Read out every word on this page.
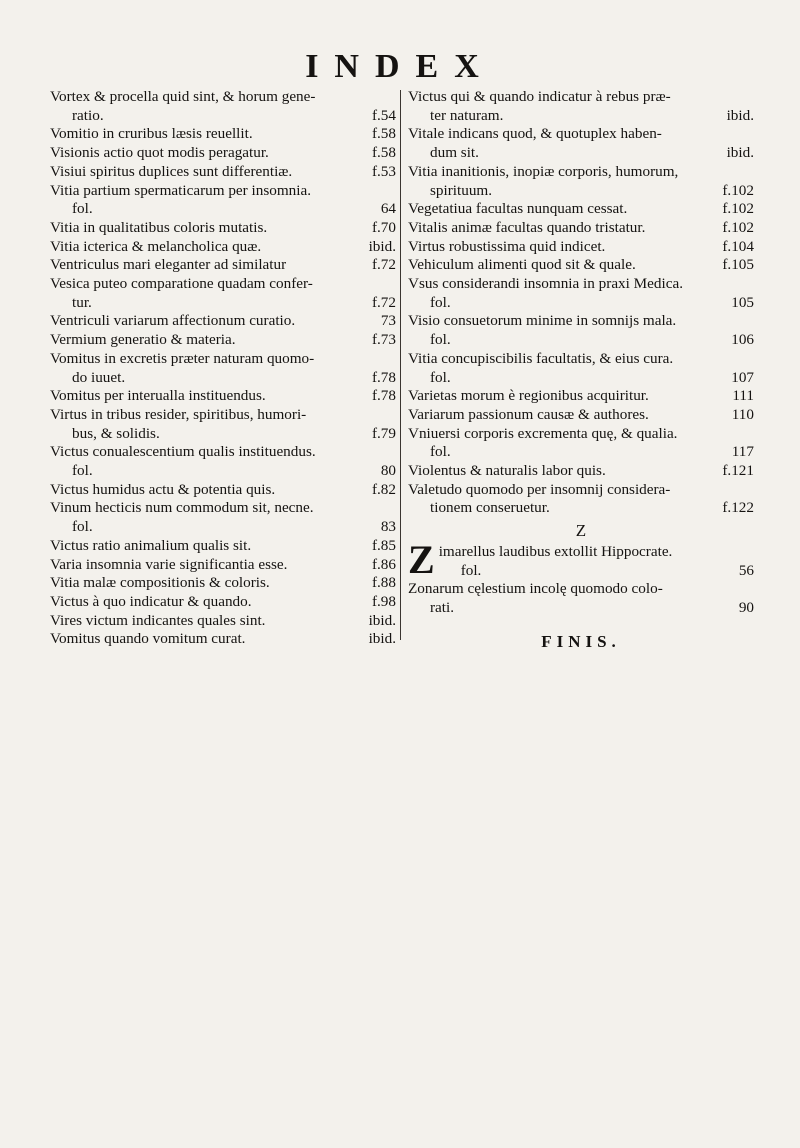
INDEX
Vortex & procella quid sint, & horum gene-
ratio.	f.54
Vomitio in cruribus læsis reuellit.	f.58
Visionis actio quot modis peragatur.	f.58
Visiui spiritus duplices sunt differentiæ.	f.53
Vitia partium spermaticarum per insomnia.
fol.	64
Vitia in qualitatibus coloris mutatis.	f.70
Vitia icterica & melancholica quæ.	ibid.
Ventriculus mari eleganter ad similatur	f.72
Vesica puteo comparatione quadam confer-
tur.	f.72
Ventriculi variarum affectionum curatio.	73
Vermium generatio & materia.	f.73
Vomitus in excretis præter naturam quomo-
do iuuet.	f.78
Vomitus per interualla instituendus.	f.78
Virtus in tribus resider, spiritibus, humori-
bus, & solidis.	f.79
Victus conualescentium qualis instituendus.
fol.	80
Victus humidus actu & potentia quis.	f.82
Vinum hecticis num commodum sit, necne.
fol.	83
Victus ratio animalium qualis sit.	f.85
Varia insomnia varie significantia esse.	f.86
Vitia malæ compositionis & coloris.	f.88
Victus à quo indicatur & quando.	f.98
Vires victum indicantes quales sint.	ibid.
Vomitus quando vomitum curat.	ibid.
Victus qui & quando indicatur à rebus præ-
ter naturam.	ibid.
Vitale indicans quod, & quotuplex haben-
dum sit.	ibid.
Vitia inanitionis, inopiæ corporis, humorum,
spirituum.	f.102
Vegetatiua facultas nunquam cessat.	f.102
Vitalis animæ facultas quando tristatur.	f.102
Virtus robustissima quid indicet.	f.104
Vehiculum alimenti quod sit & quale.	f.105
Vsus considerandi insomnia in praxi Medica.
fol.	105
Visio consuetorum minime in somnijs mala.
fol.	106
Vitia concupiscibilis facultatis, & eius cura.
fol.	107
Varietas morum è regionibus acquiritur.	111
Variarum passionum causæ & authores.	110
Vniuersi corporis excrementa quę, & qualia.
fol.	117
Violentus & naturalis labor quis.	f.121
Valetudo quomodo per insomnij considera-
tionem conseruetur.	f.122
Z
Z imarellus laudibus extollit Hippocrate.
fol.	56
Zonarum cęlestium incolę quomodo colo-
rati.	90
FINIS.
